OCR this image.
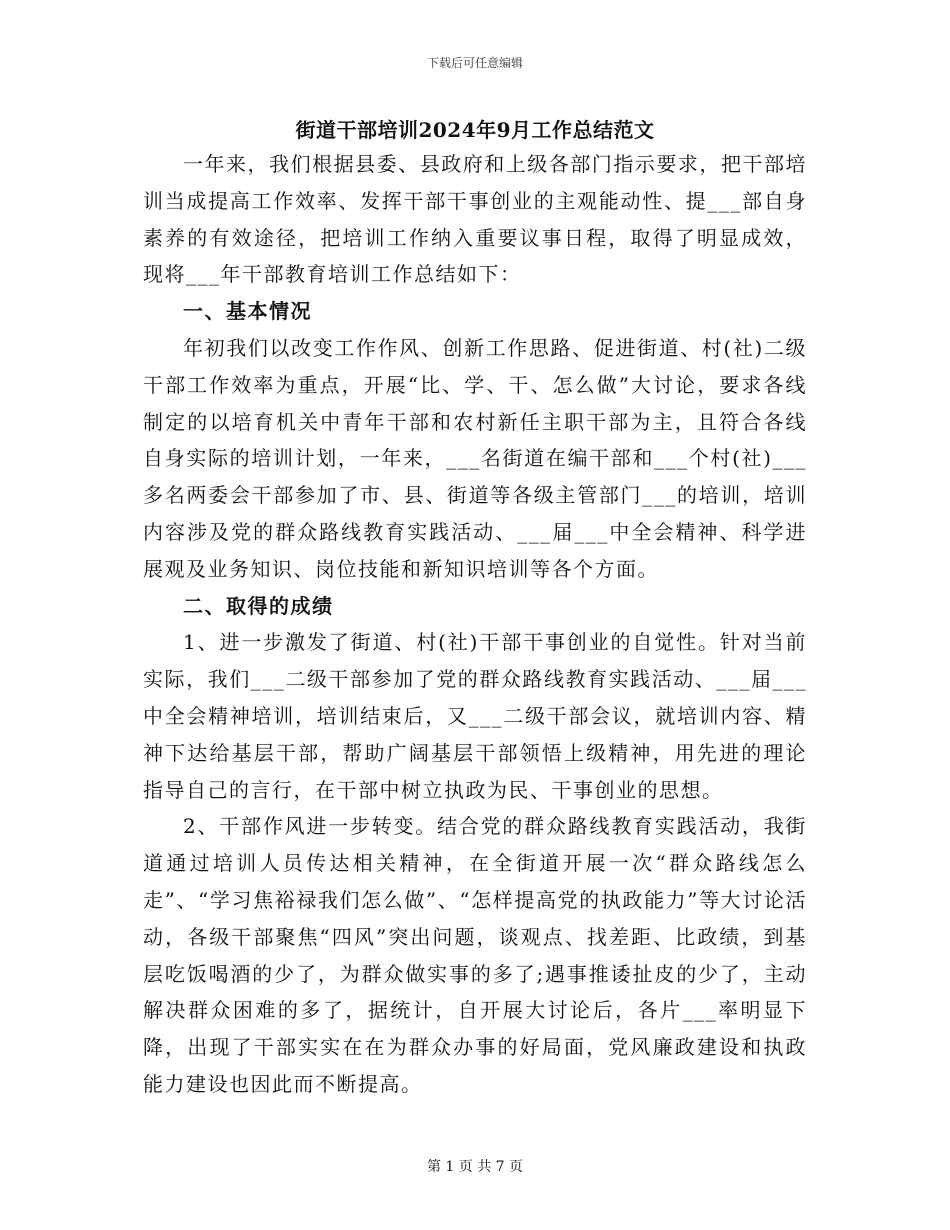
下载后可任意编辑
街道干部培训2024年9月工作总结范文

一年来，我们根据县委、县政府和上级各部门指示要求，把干部培训当成提高工作效率、发挥干部干事创业的主观能动性、提___部自身素养的有效途径，把培训工作纳入重要议事日程，取得了明显成效，现将___年干部教育培训工作总结如下：

一、基本情况

年初我们以改变工作作风、创新工作思路、促进街道、村(社)二级干部工作效率为重点，开展“比、学、干、怎么做”大讨论，要求各线制定的以培育机关中青年干部和农村新任主职干部为主，且符合各线自身实际的培训计划，一年来，___名街道在编干部和___个村(社)___多名两委会干部参加了市、县、街道等各级主管部门___的培训，培训内容涉及党的群众路线教育实践活动、___届___中全会精神、科学进展观及业务知识、岗位技能和新知识培训等各个方面。

二、取得的成绩

1、进一步激发了街道、村(社)干部干事创业的自觉性。针对当前实际，我们___二级干部参加了党的群众路线教育实践活动、___届___中全会精神培训，培训结束后，又___二级干部会议，就培训内容、精神下达给基层干部，帮助广阔基层干部领悟上级精神，用先进的理论指导自己的言行，在干部中树立执政为民、干事创业的思想。

2、干部作风进一步转变。结合党的群众路线教育实践活动，我街道通过培训人员传达相关精神，在全街道开展一次“群众路线怎么走”、“学习焦裕禄我们怎么做”、“怎样提高党的执政能力”等大讨论活动，各级干部聚焦“四风”突出问题，谈观点、找差距、比政绩，到基层吃饭喝酒的少了，为群众做实事的多了;遇事推诿扯皮的少了，主动解决群众困难的多了，据统计，自开展大讨论后，各片___率明显下降，出现了干部实实在在为群众办事的好局面，党风廉政建设和执政能力建设也因此而不断提高。

第 1 页 共 7 页
